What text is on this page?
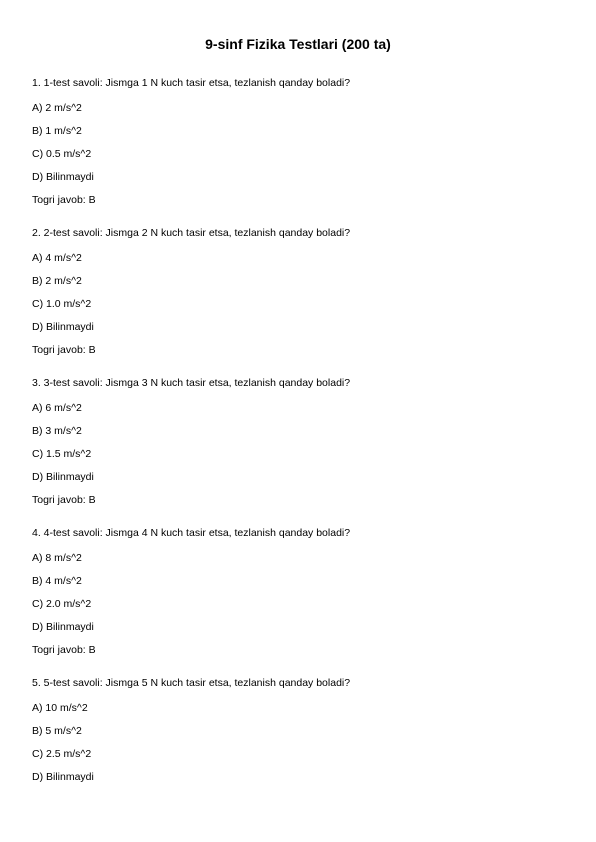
9-sinf Fizika Testlari (200 ta)
1. 1-test savoli: Jismga 1 N kuch tasir etsa, tezlanish qanday boladi?
A) 2 m/s^2
B) 1 m/s^2
C) 0.5 m/s^2
D) Bilinmaydi
Togri javob: B
2. 2-test savoli: Jismga 2 N kuch tasir etsa, tezlanish qanday boladi?
A) 4 m/s^2
B) 2 m/s^2
C) 1.0 m/s^2
D) Bilinmaydi
Togri javob: B
3. 3-test savoli: Jismga 3 N kuch tasir etsa, tezlanish qanday boladi?
A) 6 m/s^2
B) 3 m/s^2
C) 1.5 m/s^2
D) Bilinmaydi
Togri javob: B
4. 4-test savoli: Jismga 4 N kuch tasir etsa, tezlanish qanday boladi?
A) 8 m/s^2
B) 4 m/s^2
C) 2.0 m/s^2
D) Bilinmaydi
Togri javob: B
5. 5-test savoli: Jismga 5 N kuch tasir etsa, tezlanish qanday boladi?
A) 10 m/s^2
B) 5 m/s^2
C) 2.5 m/s^2
D) Bilinmaydi
